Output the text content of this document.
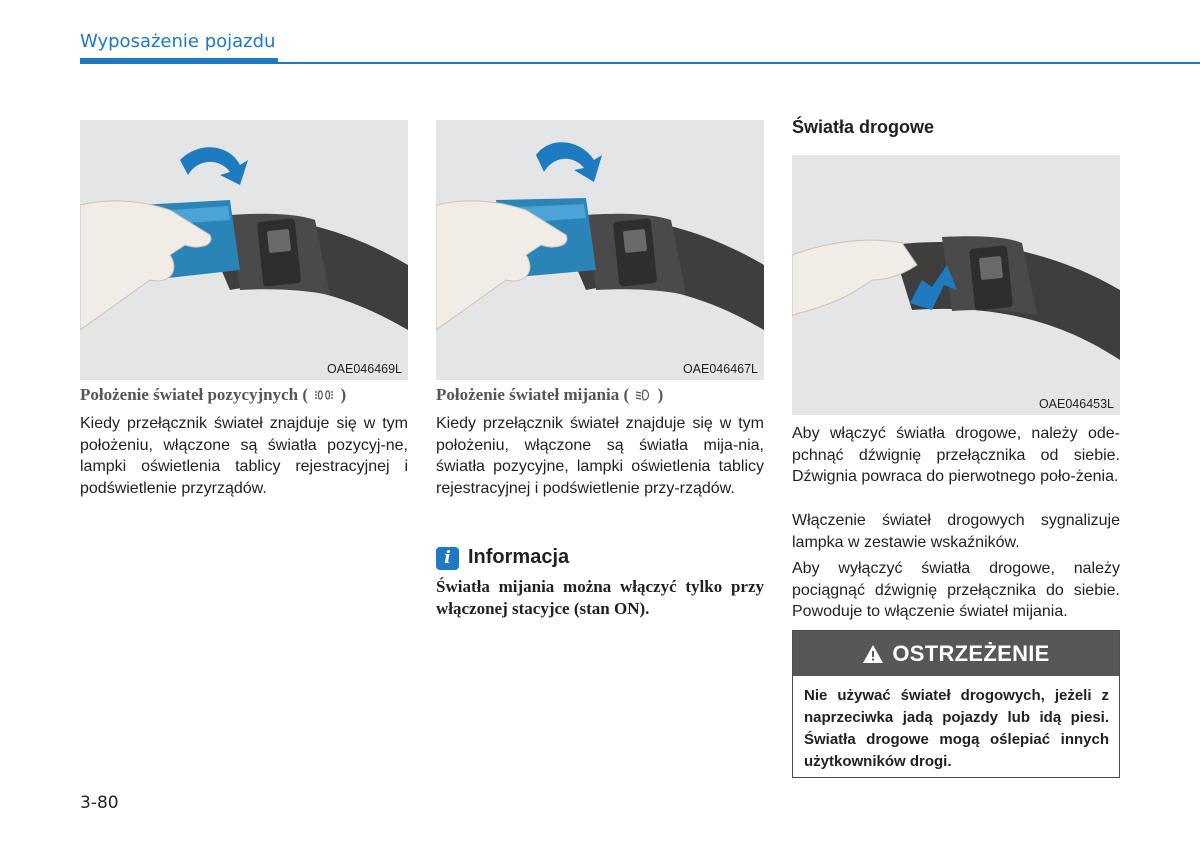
Wyposażenie pojazdu
OAE046469L
Położenie świateł pozycyjnych ( )

Kiedy przełącznik świateł znajduje się w tym położeniu, włączone są światła pozycyj-ne, lampki oświetlenia tablicy rejestracyjnej i podświetlenie przyrządów.

OAE046467L
Położenie świateł mijania ( )

Kiedy przełącznik świateł znajduje się w tym położeniu, włączone są światła mija-nia, światła pozycyjne, lampki oświetlenia tablicy rejestracyjnej i podświetlenie przy-rządów.

i Informacja

Światła mijania można włączyć tylko przy włączonej stacyjce (stan ON).

Światła drogowe
OAE046453L

Aby włączyć światła drogowe, należy ode-pchnąć dźwignię przełącznika od siebie. Dźwignia powraca do pierwotnego poło-żenia.

Włączenie świateł drogowych sygnalizuje lampka w zestawie wskaźników.

Aby wyłączyć światła drogowe, należy pociągnąć dźwignię przełącznika do siebie. Powoduje to włączenie świateł mijania.

OSTRZEŻENIE

Nie używać świateł drogowych, jeżeli z naprzeciwka jadą pojazdy lub idą piesi. Światła drogowe mogą oślepiać innych użytkowników drogi.

3-80
